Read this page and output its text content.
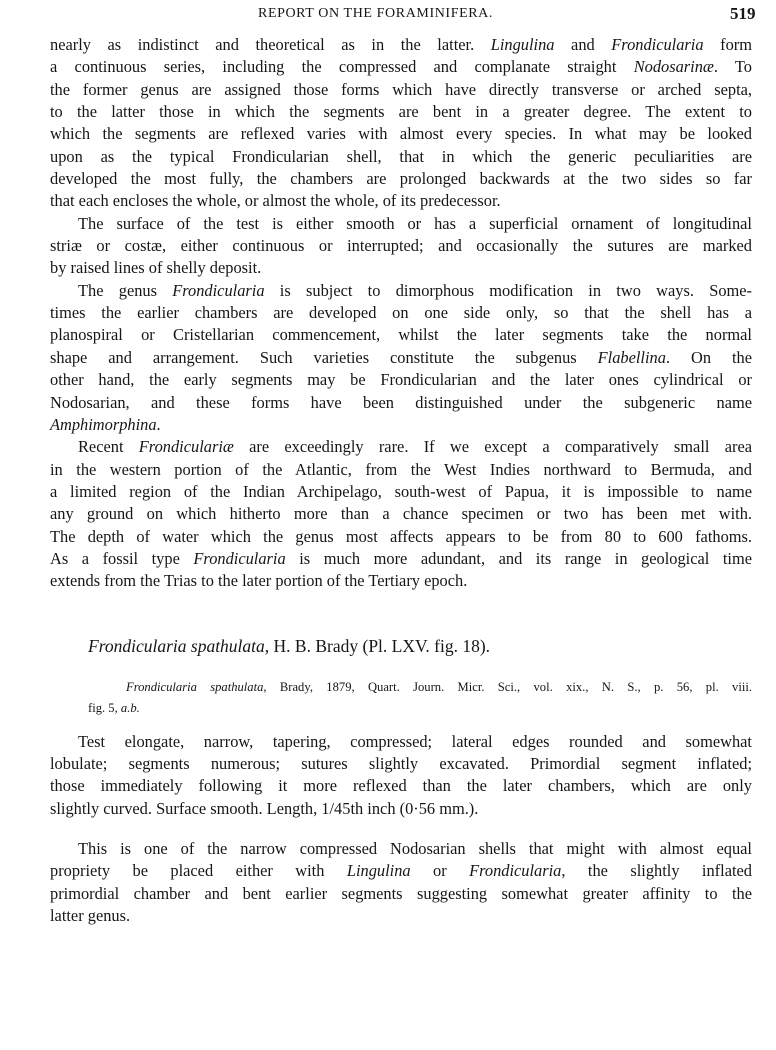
REPORT ON THE FORAMINIFERA.	519
nearly as indistinct and theoretical as in the latter. Lingulina and Frondicularia form
a continuous series, including the compressed and complanate straight Nodosarinæ. To
the former genus are assigned those forms which have directly transverse or arched septa,
to the latter those in which the segments are bent in a greater degree. The extent to
which the segments are reflexed varies with almost every species. In what may be looked
upon as the typical Frondicularian shell, that in which the generic peculiarities are
developed the most fully, the chambers are prolonged backwards at the two sides so far
that each encloses the whole, or almost the whole, of its predecessor.
The surface of the test is either smooth or has a superficial ornament of longitudinal
striæ or costæ, either continuous or interrupted; and occasionally the sutures are marked
by raised lines of shelly deposit.
The genus Frondicularia is subject to dimorphous modification in two ways. Some-
times the earlier chambers are developed on one side only, so that the shell has a
planospiral or Cristellarian commencement, whilst the later segments take the normal
shape and arrangement. Such varieties constitute the subgenus Flabellina. On the
other hand, the early segments may be Frondicularian and the later ones cylindrical or
Nodosarian, and these forms have been distinguished under the subgeneric name
Amphimorphina.
Recent Frondiculariæ are exceedingly rare. If we except a comparatively small area
in the western portion of the Atlantic, from the West Indies northward to Bermuda, and
a limited region of the Indian Archipelago, south-west of Papua, it is impossible to name
any ground on which hitherto more than a chance specimen or two has been met with.
The depth of water which the genus most affects appears to be from 80 to 600 fathoms.
As a fossil type Frondicularia is much more adundant, and its range in geological time
extends from the Trias to the later portion of the Tertiary epoch.
Frondicularia spathulata, H. B. Brady (Pl. LXV. fig. 18).
Frondicularia spathulata, Brady, 1879, Quart. Journ. Micr. Sci., vol. xix., N. S., p. 56, pl. viii.
fig. 5, a.b.
Test elongate, narrow, tapering, compressed; lateral edges rounded and somewhat
lobulate; segments numerous; sutures slightly excavated. Primordial segment inflated;
those immediately following it more reflexed than the later chambers, which are only
slightly curved. Surface smooth. Length, 1/45th inch (0·56 mm.).
This is one of the narrow compressed Nodosarian shells that might with almost equal
propriety be placed either with Lingulina or Frondicularia, the slightly inflated
primordial chamber and bent earlier segments suggesting somewhat greater affinity to the
latter genus.
